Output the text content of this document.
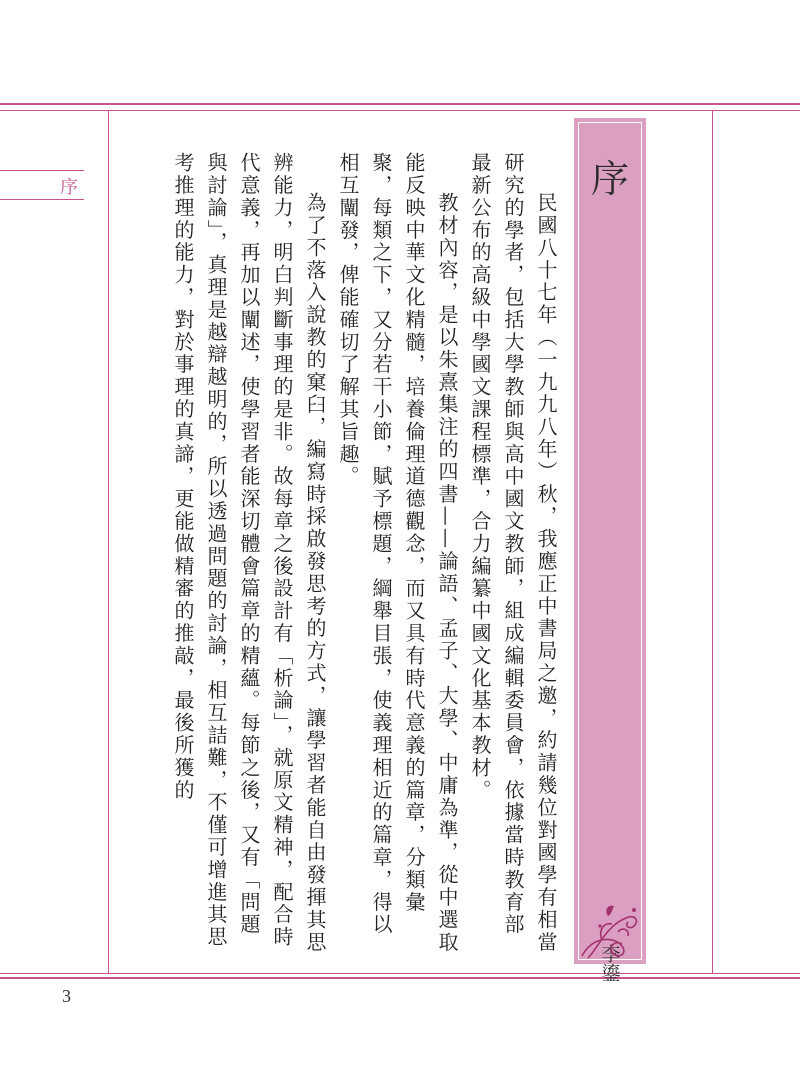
序	序
李鎏

民國八十七年（一九九八年）秋，我應正中書局之邀，約請幾位對國學有相當研究的學者，包括大學教師與高中國文教師，組成編輯委員會，依據當時教育部最新公布的高級中學國文課程標準，合力編纂中國文化基本教材。

教材內容，是以朱熹集注的四書——論語、孟子、大學、中庸為準，從中選取能反映中華文化精髓，培養倫理道德觀念，而又具有時代意義的篇章，分類彙聚，每類之下，又分若干小節，賦予標題，綱舉目張，使義理相近的篇章，得以相互闡發，俾能確切了解其旨趣。

為了不落入說教的窠臼，編寫時採啟發思考的方式，讓學習者能自由發揮其思辨能力，明白判斷事理的是非。故每章之後設計有「析論」，就原文精神，配合時代意義，再加以闡述，使學習者能深切體會篇章的精蘊。每節之後，又有「問題與討論」，真理是越辯越明的，所以透過問題的討論，相互詰難，不僅可增進其思考推理的能力，對於事理的真諦，更能做精審的推敲，最後所獲的

3
